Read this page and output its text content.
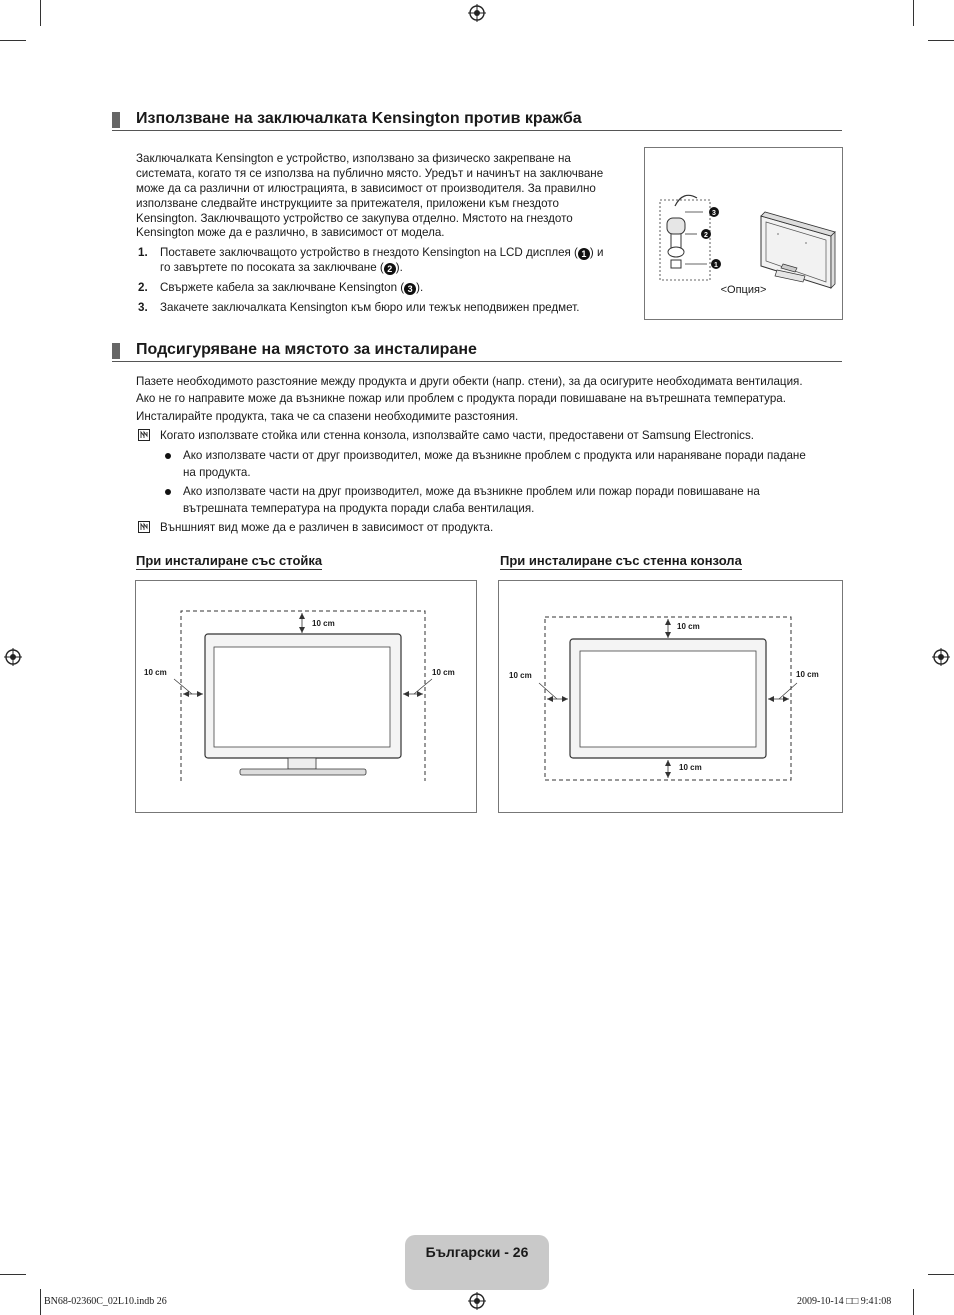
Използване на заключалката Kensington против кражба
Заключалката Kensington е устройство, използвано за физическо закрепване на
системата, когато тя се използва на публично място. Уредът и начинът на заключване
може да са различни от илюстрацията, в зависимост от производителя. За правилно
използване следвайте инструкциите за притежателя, приложени към гнездото
Kensington. Заключващото устройство се закупува отделно. Мястото на гнездото
Kensington може да е различно, в зависимост от модела.
1. Поставете заключващото устройство в гнездото Kensington на LCD дисплея ( 1 ) и
го завъртете по посоката за заключване ( 2 ).
2. Свържете кабела за заключване Kensington ( 3 ).
3. Закачете заключалката Kensington към бюро или тежък неподвижен предмет.
3
2
1
<Опция>
Подсигуряване на мястото за инсталиране
Пазете необходимото разстояние между продукта и други обекти (напр. стени), за да осигурите необходимата вентилация.
Ако не го направите може да възникне пожар или проблем с продукта поради повишаване на вътрешната температура.
Инсталирайте продукта, така че са спазени необходимите разстояния.
Когато използвате стойка или стенна конзола, използвайте само части, предоставени от Samsung Electronics.
Ако използвате части от друг производител, може да възникне проблем с продукта или нараняване поради падане
на продукта.
Ако използвате части на друг производител, може да възникне проблем или пожар поради повишаване на
вътрешната температура на продукта поради слаба вентилация.
Външният вид може да е различен в зависимост от продукта.
При инсталиране със стойка	При инсталиране със стенна конзола
10 cm
10 cm	10 cm
10 cm
10 cm	10 cm
10 cm
Български - 26
BN68-02360C_02L10.indb 26	2009-10-14 □□ 9:41:08
